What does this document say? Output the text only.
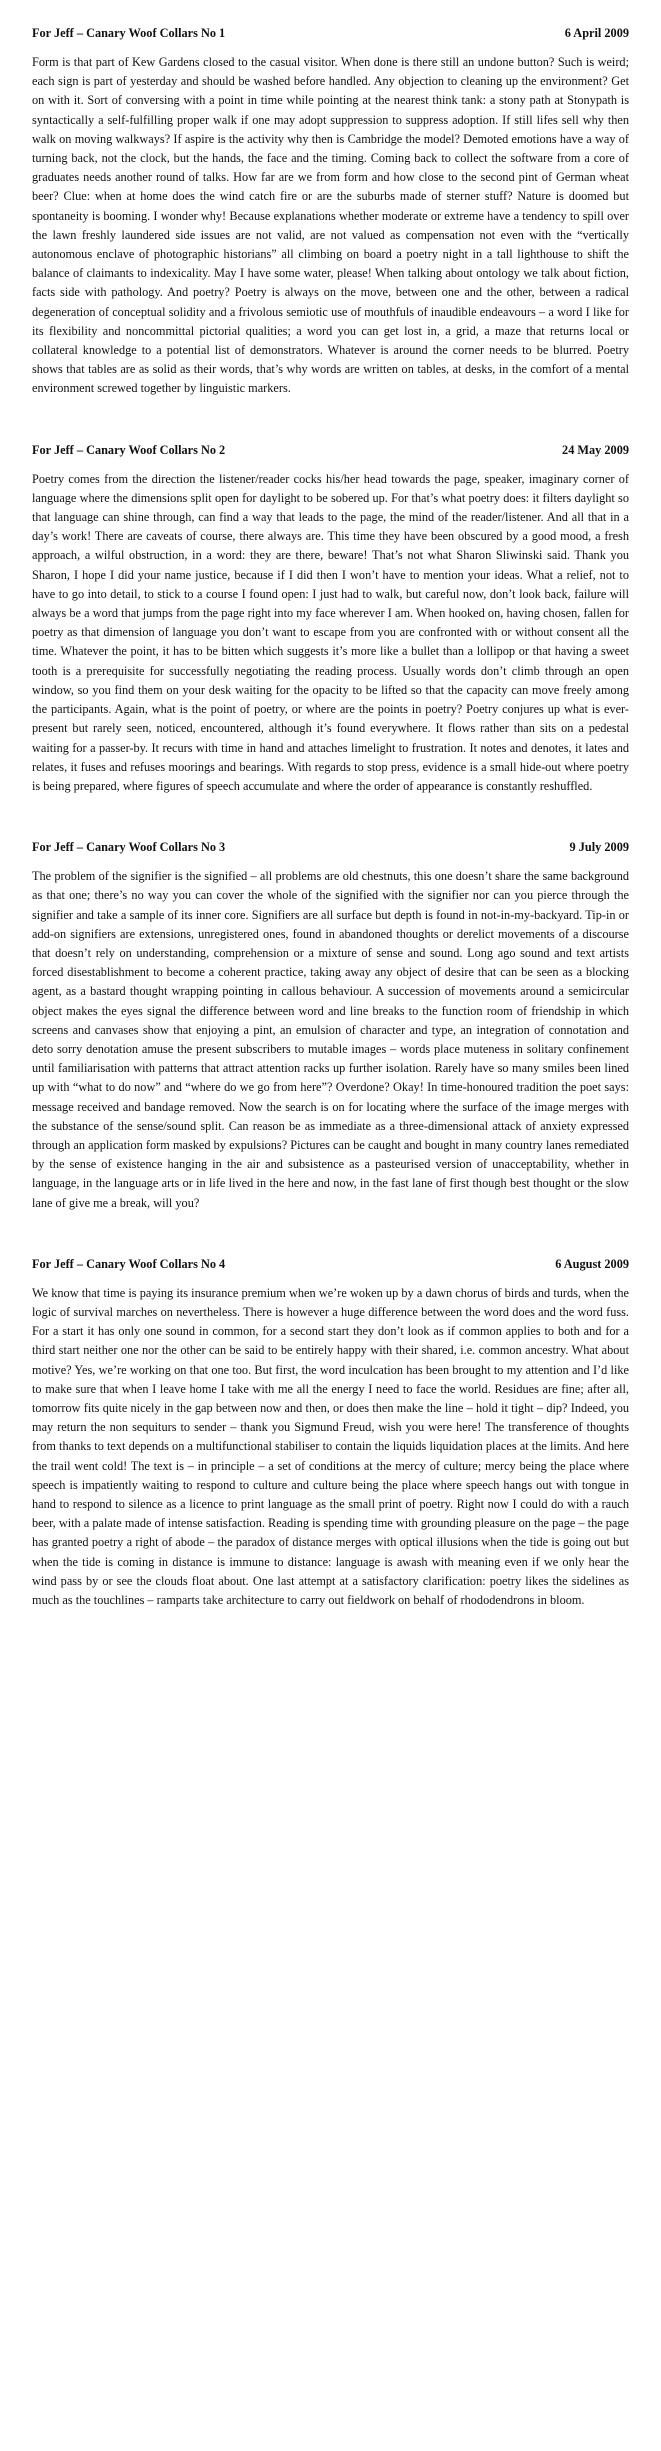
For Jeff – Canary Woof Collars No 1	6 April 2009

Form is that part of Kew Gardens closed to the casual visitor. When done is there still an undone button? Such is weird; each sign is part of yesterday and should be washed before handled. Any objection to cleaning up the environment? Get on with it. Sort of conversing with a point in time while pointing at the nearest think tank: a stony path at Stonypath is syntactically a self-fulfilling proper walk if one may adopt suppression to suppress adoption. If still lifes sell why then walk on moving walkways? If aspire is the activity why then is Cambridge the model? Demoted emotions have a way of turning back, not the clock, but the hands, the face and the timing. Coming back to collect the software from a core of graduates needs another round of talks. How far are we from form and how close to the second pint of German wheat beer? Clue: when at home does the wind catch fire or are the suburbs made of sterner stuff? Nature is doomed but spontaneity is booming. I wonder why! Because explanations whether moderate or extreme have a tendency to spill over the lawn freshly laundered side issues are not valid, are not valued as compensation not even with the “vertically autonomous enclave of photographic historians” all climbing on board a poetry night in a tall lighthouse to shift the balance of claimants to indexicality. May I have some water, please! When talking about ontology we talk about fiction, facts side with pathology. And poetry? Poetry is always on the move, between one and the other, between a radical degeneration of conceptual solidity and a frivolous semiotic use of mouthfuls of inaudible endeavours – a word I like for its flexibility and noncommittal pictorial qualities; a word you can get lost in, a grid, a maze that returns local or collateral knowledge to a potential list of demonstrators. Whatever is around the corner needs to be blurred. Poetry shows that tables are as solid as their words, that’s why words are written on tables, at desks, in the comfort of a mental environment screwed together by linguistic markers.

For Jeff – Canary Woof Collars No 2	24 May 2009

Poetry comes from the direction the listener/reader cocks his/her head towards the page, speaker, imaginary corner of language where the dimensions split open for daylight to be sobered up. For that’s what poetry does: it filters daylight so that language can shine through, can find a way that leads to the page, the mind of the reader/listener. And all that in a day’s work! There are caveats of course, there always are. This time they have been obscured by a good mood, a fresh approach, a wilful obstruction, in a word: they are there, beware! That’s not what Sharon Sliwinski said. Thank you Sharon, I hope I did your name justice, because if I did then I won’t have to mention your ideas. What a relief, not to have to go into detail, to stick to a course I found open: I just had to walk, but careful now, don’t look back, failure will always be a word that jumps from the page right into my face wherever I am. When hooked on, having chosen, fallen for poetry as that dimension of language you don’t want to escape from you are confronted with or without consent all the time. Whatever the point, it has to be bitten which suggests it’s more like a bullet than a lollipop or that having a sweet tooth is a prerequisite for successfully negotiating the reading process. Usually words don’t climb through an open window, so you find them on your desk waiting for the opacity to be lifted so that the capacity can move freely among the participants. Again, what is the point of poetry, or where are the points in poetry? Poetry conjures up what is ever-present but rarely seen, noticed, encountered, although it’s found everywhere. It flows rather than sits on a pedestal waiting for a passer-by. It recurs with time in hand and attaches limelight to frustration. It notes and denotes, it lates and relates, it fuses and refuses moorings and bearings. With regards to stop press, evidence is a small hide-out where poetry is being prepared, where figures of speech accumulate and where the order of appearance is constantly reshuffled.

For Jeff – Canary Woof Collars No 3	9 July 2009

The problem of the signifier is the signified – all problems are old chestnuts, this one doesn’t share the same background as that one; there’s no way you can cover the whole of the signified with the signifier nor can you pierce through the signifier and take a sample of its inner core. Signifiers are all surface but depth is found in not-in-my-backyard. Tip-in or add-on signifiers are extensions, unregistered ones, found in abandoned thoughts or derelict movements of a discourse that doesn’t rely on understanding, comprehension or a mixture of sense and sound. Long ago sound and text artists forced disestablishment to become a coherent practice, taking away any object of desire that can be seen as a blocking agent, as a bastard thought wrapping pointing in callous behaviour. A succession of movements around a semicircular object makes the eyes signal the difference between word and line breaks to the function room of friendship in which screens and canvases show that enjoying a pint, an emulsion of character and type, an integration of connotation and deto sorry denotation amuse the present subscribers to mutable images – words place muteness in solitary confinement until familiarisation with patterns that attract attention racks up further isolation. Rarely have so many smiles been lined up with “what to do now” and “where do we go from here”? Overdone? Okay! In time-honoured tradition the poet says: message received and bandage removed. Now the search is on for locating where the surface of the image merges with the substance of the sense/sound split. Can reason be as immediate as a three-dimensional attack of anxiety expressed through an application form masked by expulsions? Pictures can be caught and bought in many country lanes remediated by the sense of existence hanging in the air and subsistence as a pasteurised version of unacceptability, whether in language, in the language arts or in life lived in the here and now, in the fast lane of first though best thought or the slow lane of give me a break, will you?

For Jeff – Canary Woof Collars No 4	6 August 2009

We know that time is paying its insurance premium when we’re woken up by a dawn chorus of birds and turds, when the logic of survival marches on nevertheless. There is however a huge difference between the word does and the word fuss. For a start it has only one sound in common, for a second start they don’t look as if common applies to both and for a third start neither one nor the other can be said to be entirely happy with their shared, i.e. common ancestry. What about motive? Yes, we’re working on that one too. But first, the word inculcation has been brought to my attention and I’d like to make sure that when I leave home I take with me all the energy I need to face the world. Residues are fine; after all, tomorrow fits quite nicely in the gap between now and then, or does then make the line – hold it tight – dip? Indeed, you may return the non sequiturs to sender – thank you Sigmund Freud, wish you were here! The transference of thoughts from thanks to text depends on a multifunctional stabiliser to contain the liquids liquidation places at the limits. And here the trail went cold! The text is – in principle – a set of conditions at the mercy of culture; mercy being the place where speech is impatiently waiting to respond to culture and culture being the place where speech hangs out with tongue in hand to respond to silence as a licence to print language as the small print of poetry. Right now I could do with a rauch beer, with a palate made of intense satisfaction. Reading is spending time with grounding pleasure on the page – the page has granted poetry a right of abode – the paradox of distance merges with optical illusions when the tide is going out but when the tide is coming in distance is immune to distance: language is awash with meaning even if we only hear the wind pass by or see the clouds float about. One last attempt at a satisfactory clarification: poetry likes the sidelines as much as the touchlines – ramparts take architecture to carry out fieldwork on behalf of rhododendrons in bloom.
